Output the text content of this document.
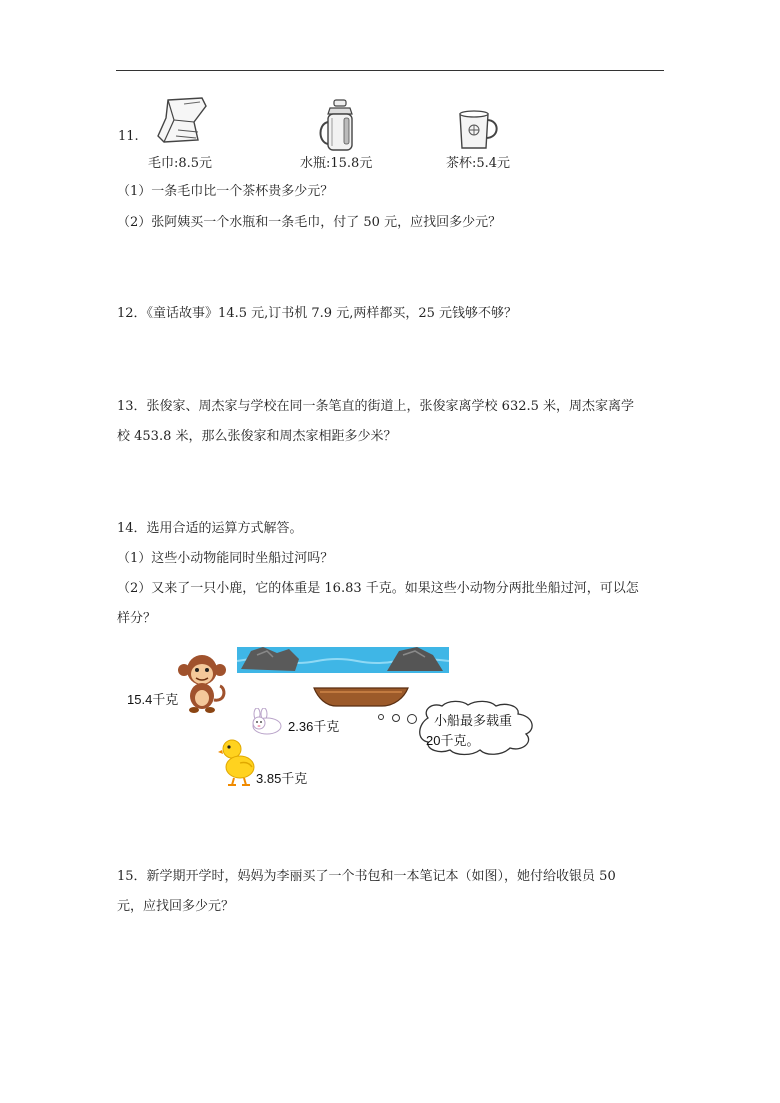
11.
毛巾:8.5元	水瓶:15.8元	茶杯:5.4元
（1）一条毛巾比一个茶杯贵多少元？
（2）张阿姨买一个水瓶和一条毛巾，付了 50 元，应找回多少元？
12．《童话故事》14.5 元,订书机 7.9 元,两样都买，25 元钱够不够？
13．张俊家、周杰家与学校在同一条笔直的街道上，张俊家离学校 632.5 米，周杰家离学
校 453.8 米，那么张俊家和周杰家相距多少米？
14．选用合适的运算方式解答。
（1）这些小动物能同时坐船过河吗？
（2）又来了一只小鹿，它的体重是 16.83 千克。如果这些小动物分两批坐船过河，可以怎
样分？
15.4千克
2.36千克
3.85千克
小船最多载重
20千克。
15．新学期开学时，妈妈为李丽买了一个书包和一本笔记本（如图），她付给收银员 50
元，应找回多少元？
